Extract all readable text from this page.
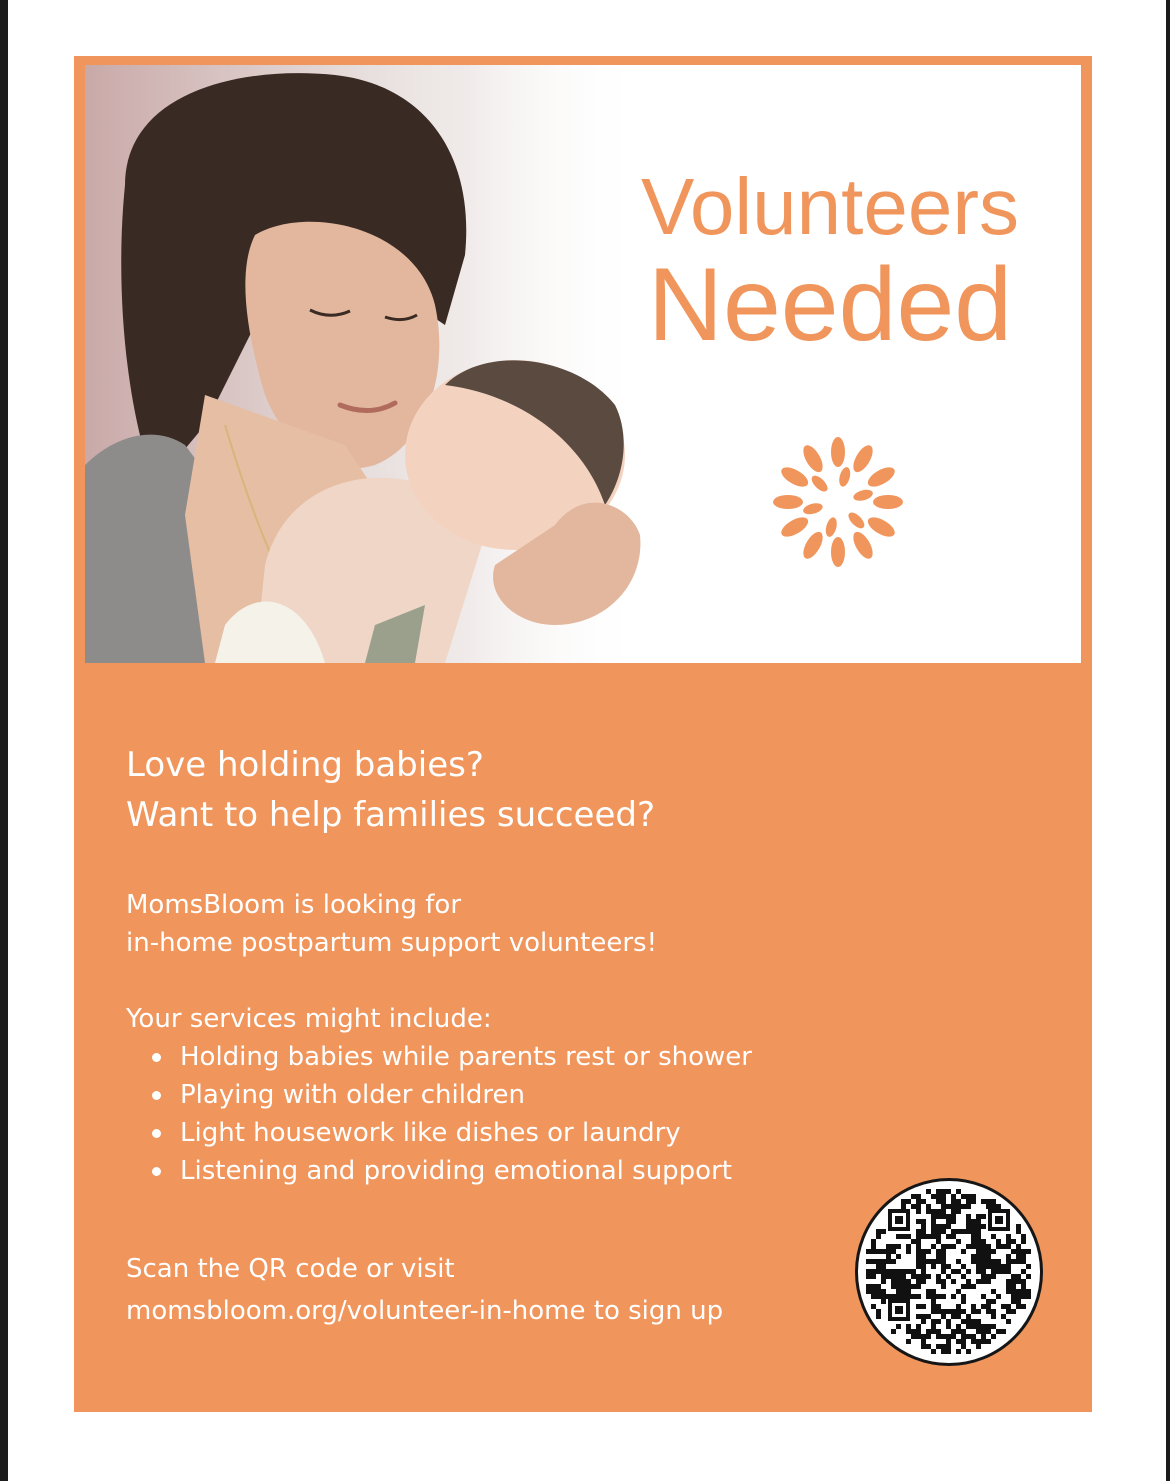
Volunteers
Needed
Love holding babies?
Want to help families succeed?
MomsBloom is looking for
in-home postpartum support volunteers!
Your services might include:
Holding babies while parents rest or shower
Playing with older children
Light housework like dishes or laundry
Listening and providing emotional support
Scan the QR code or visit
momsbloom.org/volunteer-in-home to sign up
